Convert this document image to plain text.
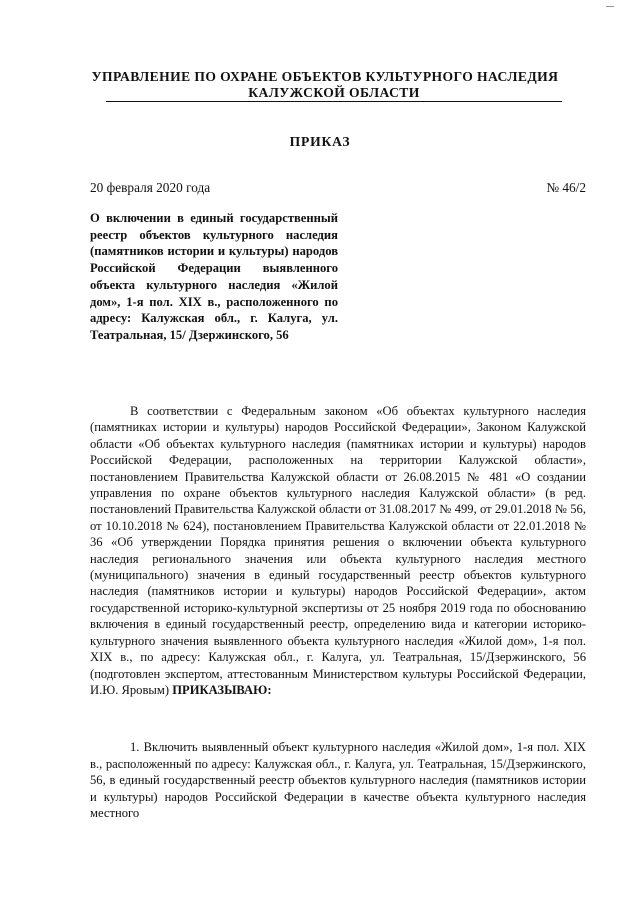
УПРАВЛЕНИЕ ПО ОХРАНЕ ОБЪЕКТОВ КУЛЬТУРНОГО НАСЛЕДИЯ
КАЛУЖСКОЙ ОБЛАСТИ
ПРИКАЗ
20 февраля 2020 года	№ 46/2
О включении в единый государственный реестр объектов культурного наследия (памятников истории и культуры) народов Российской Федерации выявленного объекта культурного наследия «Жилой дом», 1-я пол. XIX в., расположенного по адресу: Калужская обл., г. Калуга, ул. Театральная, 15/ Дзержинского, 56

В соответствии с Федеральным законом «Об объектах культурного наследия (памятниках истории и культуры) народов Российской Федерации», Законом Калужской области «Об объектах культурного наследия (памятниках истории и культуры) народов Российской Федерации, расположенных на территории Калужской области», постановлением Правительства Калужской области от 26.08.2015 № 481 «О создании управления по охране объектов культурного наследия Калужской области» (в ред. постановлений Правительства Калужской области от 31.08.2017 № 499, от 29.01.2018 № 56, от 10.10.2018 № 624), постановлением Правительства Калужской области от 22.01.2018 № 36 «Об утверждении Порядка принятия решения о включении объекта культурного наследия регионального значения или объекта культурного наследия местного (муниципального) значения в единый государственный реестр объектов культурного наследия (памятников истории и культуры) народов Российской Федерации», актом государственной историко-культурной экспертизы от 25 ноября 2019 года по обоснованию включения в единый государственный реестр, определению вида и категории историко-культурного значения выявленного объекта культурного наследия «Жилой дом», 1-я пол. XIX в., по адресу: Калужская обл., г. Калуга, ул. Театральная, 15/Дзержинского, 56 (подготовлен экспертом, аттестованным Министерством культуры Российской Федерации, И.Ю. Яровым) ПРИКАЗЫВАЮ:

1. Включить выявленный объект культурного наследия «Жилой дом», 1-я пол. XIX в., расположенный по адресу: Калужская обл., г. Калуга, ул. Театральная, 15/Дзержинского, 56, в единый государственный реестр объектов культурного наследия (памятников истории и культуры) народов Российской Федерации в качестве объекта культурного наследия местного
